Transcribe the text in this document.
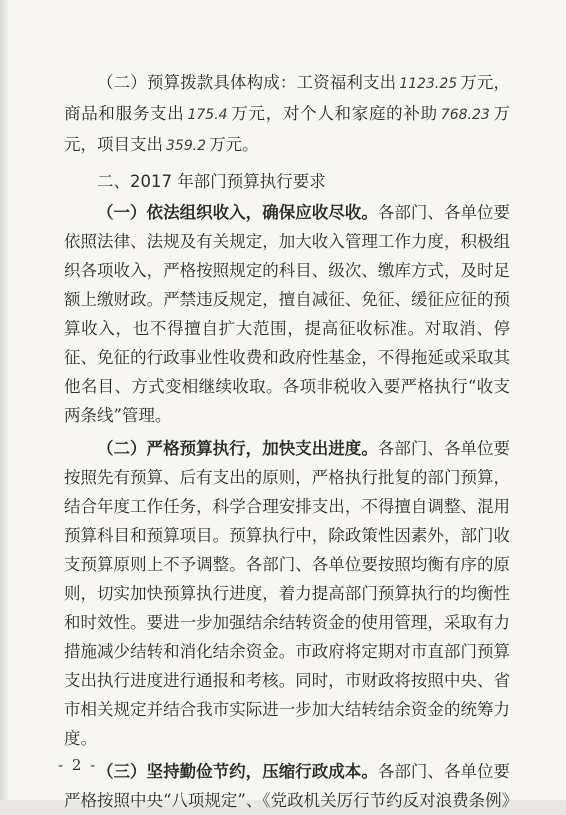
（二）预算拨款具体构成：工资福利支出 1123.25 万元，商品和服务支出 175.4 万元，对个人和家庭的补助 768.23 万元，项目支出 359.2 万元。

二、2017 年部门预算执行要求

（一）依法组织收入，确保应收尽收。各部门、各单位要依照法律、法规及有关规定，加大收入管理工作力度，积极组织各项收入，严格按照规定的科目、级次、缴库方式，及时足额上缴财政。严禁违反规定，擅自减征、免征、缓征应征的预算收入，也不得擅自扩大范围，提高征收标准。对取消、停征、免征的行政事业性收费和政府性基金，不得拖延或采取其他名目、方式变相继续收取。各项非税收入要严格执行“收支两条线”管理。

（二）严格预算执行，加快支出进度。各部门、各单位要按照先有预算、后有支出的原则，严格执行批复的部门预算，结合年度工作任务，科学合理安排支出，不得擅自调整、混用预算科目和预算项目。预算执行中，除政策性因素外，部门收支预算原则上不予调整。各部门、各单位要按照均衡有序的原则，切实加快预算执行进度，着力提高部门预算执行的均衡性和时效性。要进一步加强结余结转资金的使用管理，采取有力措施减少结转和消化结余资金。市政府将定期对市直部门预算支出执行进度进行通报和考核。同时，市财政将按照中央、省市相关规定并结合我市实际进一步加大结转结余资金的统筹力度。

（三）坚持勤俭节约，压缩行政成本。各部门、各单位要严格按照中央“八项规定”、《党政机关厉行节约反对浪费条例》

- 2 -
